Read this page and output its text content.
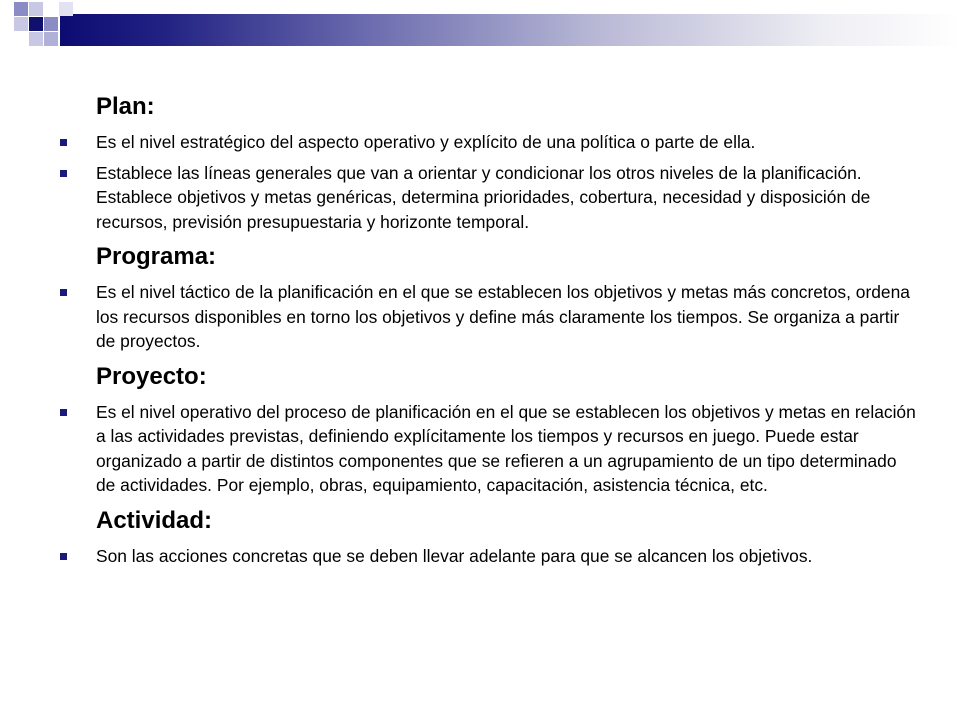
Plan:
Es el nivel estratégico del aspecto operativo y explícito de una política o parte de ella.
Establece las líneas generales que van a orientar y condicionar los otros niveles de la planificación. Establece objetivos y metas genéricas, determina prioridades, cobertura, necesidad y disposición de recursos, previsión presupuestaria y horizonte temporal.
Programa:
Es el nivel táctico de la planificación en el que se establecen los objetivos y metas más concretos, ordena los recursos disponibles en torno los objetivos y define más claramente los tiempos. Se organiza a partir de proyectos.
Proyecto:
Es el nivel operativo del proceso de planificación en el que se establecen los objetivos y metas en relación a las actividades previstas, definiendo explícitamente los tiempos y recursos en juego. Puede estar organizado a partir de distintos componentes que se refieren a un agrupamiento de un tipo determinado de actividades. Por ejemplo, obras, equipamiento, capacitación, asistencia técnica, etc.
Actividad:
Son las acciones concretas que se deben llevar adelante para que se alcancen los objetivos.
